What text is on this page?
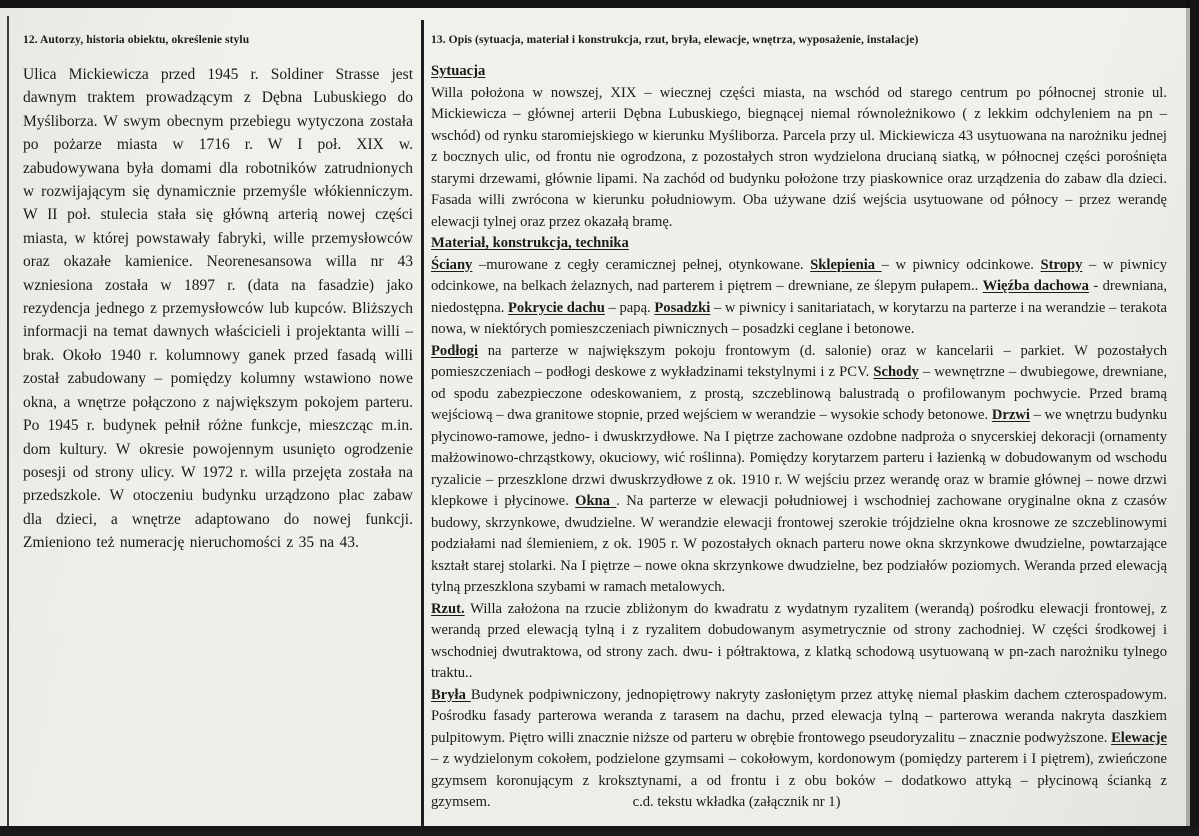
12. Autorzy, historia obiektu, określenie stylu

Ulica Mickiewicza przed 1945 r. Soldiner Strasse jest dawnym traktem prowadzącym z Dębna Lubuskiego do Myśliborza. W swym obecnym przebiegu wytyczona została po pożarze miasta w 1716 r. W I poł. XIX w. zabudowywana była domami dla robotników zatrudnionych w rozwijającym się dynamicznie przemyśle włókienniczym. W II poł. stulecia stała się główną arterią nowej części miasta, w której powstawały fabryki, wille przemysłowców oraz okazałe kamienice. Neorenesansowa willa nr 43 wzniesiona została w 1897 r. (data na fasadzie) jako rezydencja jednego z przemysłowców lub kupców. Bliższych informacji na temat dawnych właścicieli i projektanta willi – brak. Około 1940 r. kolumnowy ganek przed fasadą willi został zabudowany – pomiędzy kolumny wstawiono nowe okna, a wnętrze połączono z największym pokojem parteru. Po 1945 r. budynek pełnił różne funkcje, mieszcząc m.in. dom kultury. W okresie powojennym usunięto ogrodzenie posesji od strony ulicy. W 1972 r. willa przejęta została na przedszkole. W otoczeniu budynku urządzono plac zabaw dla dzieci, a wnętrze adaptowano do nowej funkcji. Zmieniono też numerację nieruchomości z 35 na 43.

13. Opis (sytuacja, materiał i konstrukcja, rzut, bryła, elewacje, wnętrza, wyposażenie, instalacje)

Sytuacja

Willa położona w nowszej, XIX – wiecznej części miasta, na wschód od starego centrum po północnej stronie ul. Mickiewicza – głównej arterii Dębna Lubuskiego, biegnącej niemal równoleżnikowo ( z lekkim odchyleniem na pn – wschód) od rynku staromiejskiego w kierunku Myśliborza. Parcela przy ul. Mickiewicza 43 usytuowana na narożniku jednej z bocznych ulic, od frontu nie ogrodzona, z pozostałych stron wydzielona drucianą siatką, w północnej części porośnięta starymi drzewami, głównie lipami. Na zachód od budynku położone trzy piaskownice oraz urządzenia do zabaw dla dzieci. Fasada willi zwrócona w kierunku południowym. Oba używane dziś wejścia usytuowane od północy – przez werandę elewacji tylnej oraz przez okazałą bramę.

Materiał, konstrukcja, technika

Ściany –murowane z cegły ceramicznej pełnej, otynkowane. Sklepienia – w piwnicy odcinkowe. Stropy – w piwnicy odcinkowe, na belkach żelaznych, nad parterem i piętrem – drewniane, ze ślepym pułapem.. Więźba dachowa - drewniana, niedostępna. Pokrycie dachu – papą. Posadzki – w piwnicy i sanitariatach, w korytarzu na parterze i na werandzie – terakota nowa, w niektórych pomieszczeniach piwnicznych – posadzki ceglane i betonowe.

Podłogi na parterze w największym pokoju frontowym (d. salonie) oraz w kancelarii – parkiet. W pozostałych pomieszczeniach – podłogi deskowe z wykładzinami tekstylnymi i z PCV. Schody – wewnętrzne – dwubiegowe, drewniane, od spodu zabezpieczone odeskowaniem, z prostą, szczeblinową balustradą o profilowanym pochwycie. Przed bramą wejściową – dwa granitowe stopnie, przed wejściem w werandzie – wysokie schody betonowe. Drzwi – we wnętrzu budynku płycinowo-ramowe, jedno- i dwuskrzydłowe. Na I piętrze zachowane ozdobne nadproża o snycerskiej dekoracji (ornamenty małżowinowo-chrząstkowy, okuciowy, wić roślinna). Pomiędzy korytarzem parteru i łazienką w dobudowanym od wschodu ryzalicie – przeszklone drzwi dwuskrzydłowe z ok. 1910 r. W wejściu przez werandę oraz w bramie głównej – nowe drzwi klepkowe i płycinowe. Okna . Na parterze w elewacji południowej i wschodniej zachowane oryginalne okna z czasów budowy, skrzynkowe, dwudzielne. W werandzie elewacji frontowej szerokie trójdzielne okna krosnowe ze szczeblinowymi podziałami nad ślemieniem, z ok. 1905 r. W pozostałych oknach parteru nowe okna skrzynkowe dwudzielne, powtarzające kształt starej stolarki. Na I piętrze – nowe okna skrzynkowe dwudzielne, bez podziałów poziomych. Weranda przed elewacją tylną przeszklona szybami w ramach metalowych.

Rzut. Willa założona na rzucie zbliżonym do kwadratu z wydatnym ryzalitem (werandą) pośrodku elewacji frontowej, z werandą przed elewacją tylną i z ryzalitem dobudowanym asymetrycznie od strony zachodniej. W części środkowej i wschodniej dwutraktowa, od strony zach. dwu- i półtraktowa, z klatką schodową usytuowaną w pn-zach narożniku tylnego traktu..

Bryła Budynek podpiwniczony, jednopiętrowy nakryty zasłoniętym przez attykę niemal płaskim dachem czterospadowym. Pośrodku fasady parterowa weranda z tarasem na dachu, przed elewacja tylną – parterowa weranda nakryta daszkiem pulpitowym. Piętro willi znacznie niższe od parteru w obrębie frontowego pseudoryzalitu – znacznie podwyższone. Elewacje – z wydzielonym cokołem, podzielone gzymsami – cokołowym, kordonowym (pomiędzy parterem i I piętrem), zwieńczone gzymsem koronującym z kroksztynami, a od frontu i z obu boków – dodatkowo attyką – płycinową ścianką z gzymsem.	c.d. tekstu wkładka (załącznik nr 1)
